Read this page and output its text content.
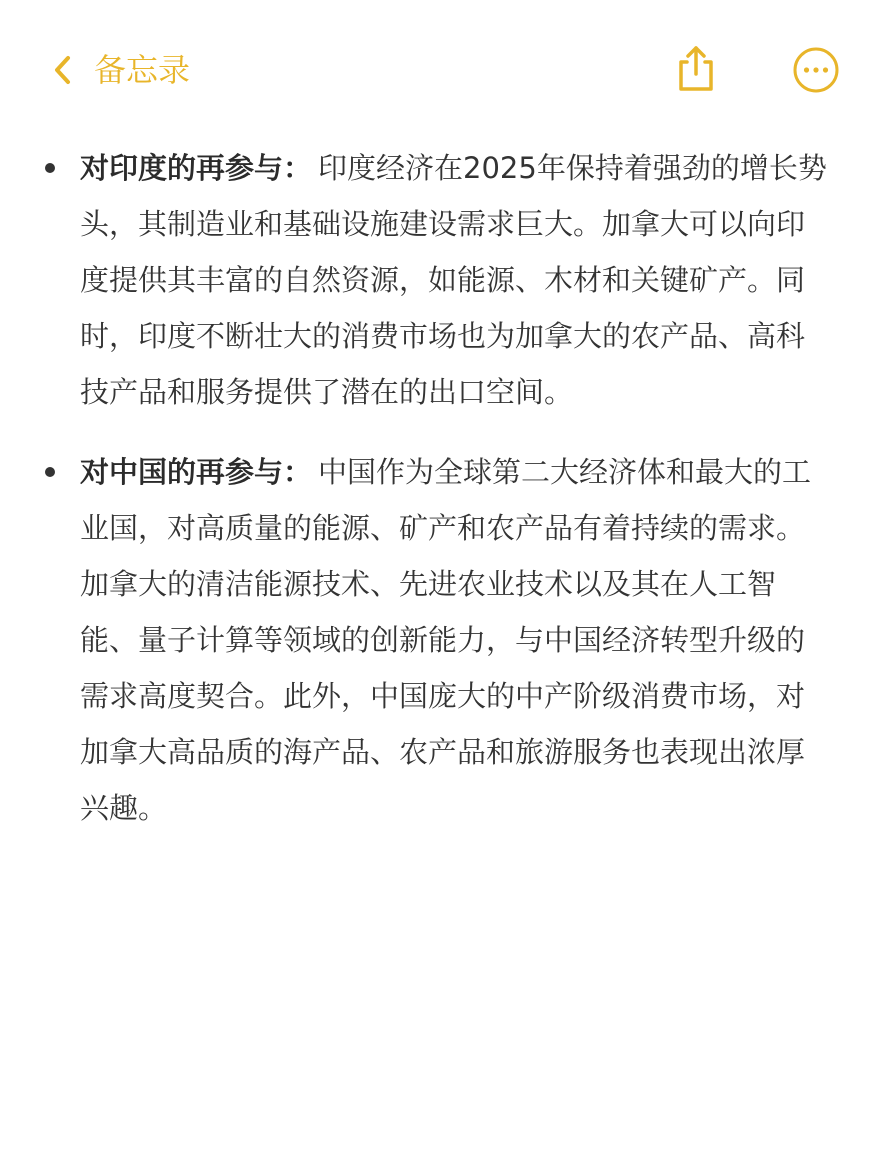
备忘录
对印度的再参与： 印度经济在2025年保持着强劲的增长势头，其制造业和基础设施建设需求巨大。加拿大可以向印度提供其丰富的自然资源，如能源、木材和关键矿产。同时，印度不断壮大的消费市场也为加拿大的农产品、高科技产品和服务提供了潜在的出口空间。
对中国的再参与： 中国作为全球第二大经济体和最大的工业国，对高质量的能源、矿产和农产品有着持续的需求。加拿大的清洁能源技术、先进农业技术以及其在人工智能、量子计算等领域的创新能力，与中国经济转型升级的需求高度契合。此外，中国庞大的中产阶级消费市场，对加拿大高品质的海产品、农产品和旅游服务也表现出浓厚兴趣。
